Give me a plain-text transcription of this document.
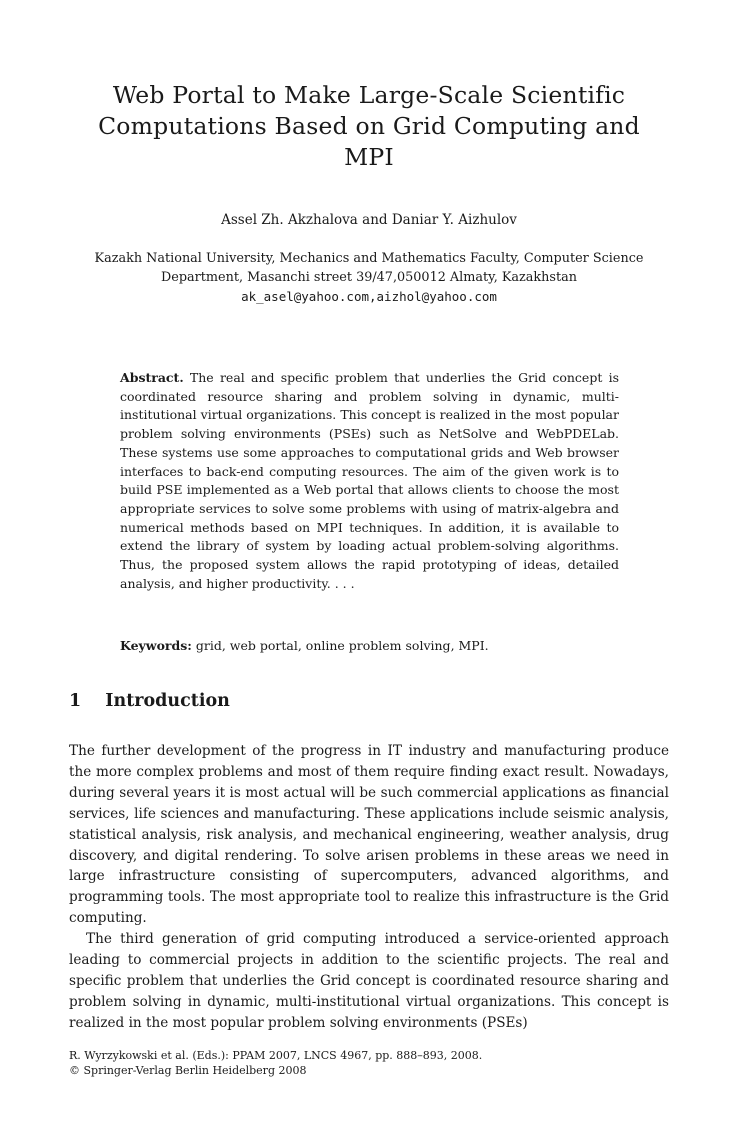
Web Portal to Make Large-Scale Scientific
Computations Based on Grid Computing and
MPI
Assel Zh. Akzhalova and Daniar Y. Aizhulov
Kazakh National University, Mechanics and Mathematics Faculty, Computer Science
Department, Masanchi street 39/47,050012 Almaty, Kazakhstan
ak_asel@yahoo.com,aizhol@yahoo.com
Abstract. The real and specific problem that underlies the Grid concept is coordinated resource sharing and problem solving in dynamic, multi-institutional virtual organizations. This concept is realized in the most popular problem solving environments (PSEs) such as NetSolve and WebPDELab. These systems use some approaches to computational grids and Web browser interfaces to back-end computing resources. The aim of the given work is to build PSE implemented as a Web portal that allows clients to choose the most appropriate services to solve some problems with using of matrix-algebra and numerical methods based on MPI techniques. In addition, it is available to extend the library of system by loading actual problem-solving algorithms. Thus, the proposed system allows the rapid prototyping of ideas, detailed analysis, and higher productivity. . . .
Keywords: grid, web portal, online problem solving, MPI.
1 Introduction

The further development of the progress in IT industry and manufacturing produce the more complex problems and most of them require finding exact result. Nowadays, during several years it is most actual will be such commercial applications as financial services, life sciences and manufacturing. These applications include seismic analysis, statistical analysis, risk analysis, and mechanical engineering, weather analysis, drug discovery, and digital rendering. To solve arisen problems in these areas we need in large infrastructure consisting of supercomputers, advanced algorithms, and programming tools. The most appropriate tool to realize this infrastructure is the Grid computing.

The third generation of grid computing introduced a service-oriented approach leading to commercial projects in addition to the scientific projects. The real and specific problem that underlies the Grid concept is coordinated resource sharing and problem solving in dynamic, multi-institutional virtual organizations. This concept is realized in the most popular problem solving environments (PSEs)

R. Wyrzykowski et al. (Eds.): PPAM 2007, LNCS 4967, pp. 888–893, 2008.
© Springer-Verlag Berlin Heidelberg 2008
